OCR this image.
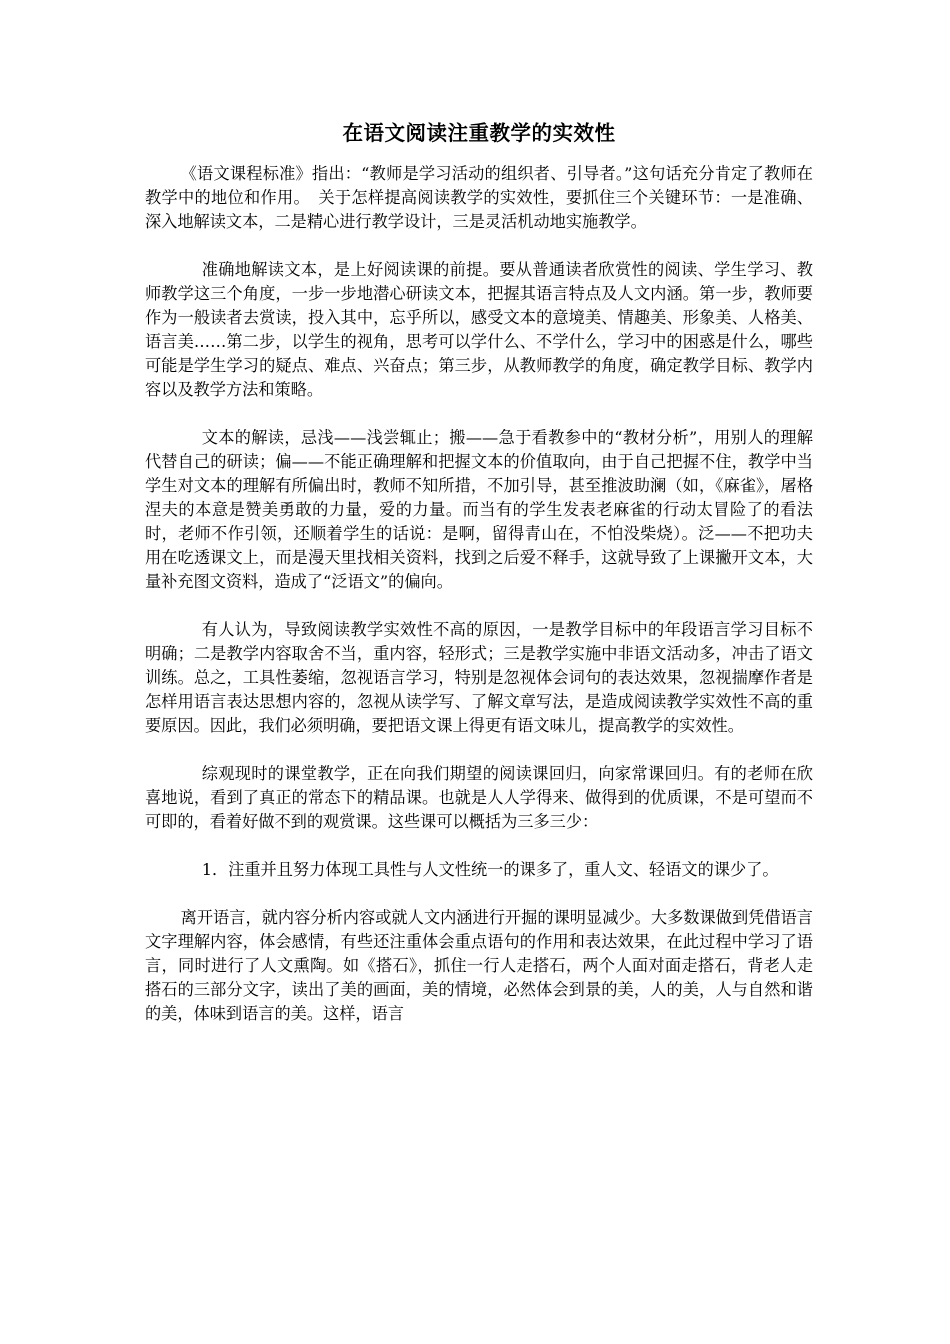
在语文阅读注重教学的实效性

《语文课程标准》指出：“教师是学习活动的组织者、引导者。”这句话充分肯定了教师在教学中的地位和作用。　关于怎样提高阅读教学的实效性，要抓住三个关键环节：一是准确、深入地解读文本，二是精心进行教学设计，三是灵活机动地实施教学。

准确地解读文本，是上好阅读课的前提。要从普通读者欣赏性的阅读、学生学习、教师教学这三个角度，一步一步地潜心研读文本，把握其语言特点及人文内涵。第一步，教师要作为一般读者去赏读，投入其中，忘乎所以，感受文本的意境美、情趣美、形象美、人格美、语言美……第二步，以学生的视角，思考可以学什么、不学什么，学习中的困惑是什么，哪些可能是学生学习的疑点、难点、兴奋点；第三步，从教师教学的角度，确定教学目标、教学内容以及教学方法和策略。

文本的解读，忌浅——浅尝辄止；搬——急于看教参中的“教材分析”，用别人的理解代替自己的研读；偏——不能正确理解和把握文本的价值取向，由于自己把握不住，教学中当学生对文本的理解有所偏出时，教师不知所措，不加引导，甚至推波助澜（如，《麻雀》，屠格涅夫的本意是赞美勇敢的力量，爱的力量。而当有的学生发表老麻雀的行动太冒险了的看法时，老师不作引领，还顺着学生的话说：是啊，留得青山在，不怕没柴烧）。泛——不把功夫用在吃透课文上，而是漫天里找相关资料，找到之后爱不释手，这就导致了上课撇开文本，大量补充图文资料，造成了“泛语文”的偏向。

有人认为，导致阅读教学实效性不高的原因，一是教学目标中的年段语言学习目标不明确；二是教学内容取舍不当，重内容，轻形式；三是教学实施中非语文活动多，冲击了语文训练。总之，工具性萎缩，忽视语言学习，特别是忽视体会词句的表达效果，忽视揣摩作者是怎样用语言表达思想内容的，忽视从读学写、了解文章写法，是造成阅读教学实效性不高的重要原因。因此，我们必须明确，要把语文课上得更有语文味儿，提高教学的实效性。

综观现时的课堂教学，正在向我们期望的阅读课回归，向家常课回归。有的老师在欣喜地说，看到了真正的常态下的精品课。也就是人人学得来、做得到的优质课，不是可望而不可即的，看着好做不到的观赏课。这些课可以概括为三多三少：

1．注重并且努力体现工具性与人文性统一的课多了，重人文、轻语文的课少了。

离开语言，就内容分析内容或就人文内涵进行开掘的课明显减少。大多数课做到凭借语言文字理解内容，体会感情，有些还注重体会重点语句的作用和表达效果，在此过程中学习了语言，同时进行了人文熏陶。如《搭石》，抓住一行人走搭石，两个人面对面走搭石，背老人走搭石的三部分文字，读出了美的画面，美的情境，必然体会到景的美，人的美，人与自然和谐的美，体味到语言的美。这样，语言
